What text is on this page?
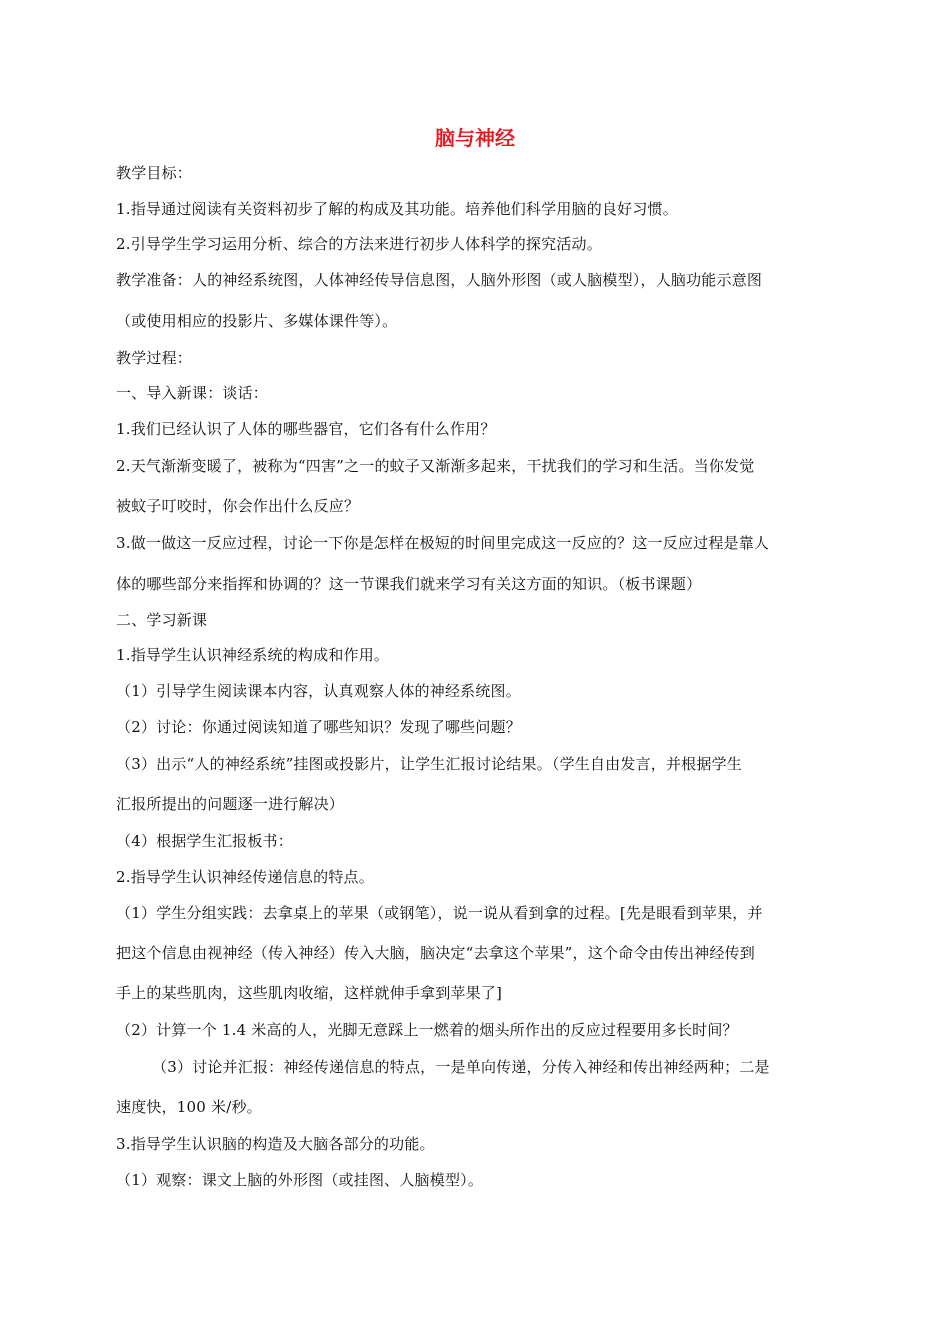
脑与神经
教学目标：
1.指导通过阅读有关资料初步了解的构成及其功能。培养他们科学用脑的良好习惯。
2.引导学生学习运用分析、综合的方法来进行初步人体科学的探究活动。
教学准备：人的神经系统图，人体神经传导信息图，人脑外形图（或人脑模型），人脑功能示意图
（或使用相应的投影片、多媒体课件等）。
教学过程：
一、导入新课：谈话：
1.我们已经认识了人体的哪些器官，它们各有什么作用？
2.天气渐渐变暖了，被称为“四害”之一的蚊子又渐渐多起来，干扰我们的学习和生活。当你发觉
被蚊子叮咬时，你会作出什么反应？
3.做一做这一反应过程，讨论一下你是怎样在极短的时间里完成这一反应的？这一反应过程是靠人
体的哪些部分来指挥和协调的？这一节课我们就来学习有关这方面的知识。（板书课题）
二、学习新课
1.指导学生认识神经系统的构成和作用。
（1）引导学生阅读课本内容，认真观察人体的神经系统图。
（2）讨论：你通过阅读知道了哪些知识？发现了哪些问题？
（3）出示“人的神经系统”挂图或投影片，让学生汇报讨论结果。（学生自由发言，并根据学生
汇报所提出的问题逐一进行解决）
（4）根据学生汇报板书：
2.指导学生认识神经传递信息的特点。
（1）学生分组实践：去拿桌上的苹果（或钢笔），说一说从看到拿的过程。[先是眼看到苹果，并
把这个信息由视神经（传入神经）传入大脑，脑决定“去拿这个苹果”，这个命令由传出神经传到
手上的某些肌肉，这些肌肉收缩，这样就伸手拿到苹果了]
（2）计算一个 1.4 米高的人，光脚无意踩上一燃着的烟头所作出的反应过程要用多长时间？
（3）讨论并汇报：神经传递信息的特点，一是单向传递，分传入神经和传出神经两种；二是
速度快，100 米/秒。
3.指导学生认识脑的构造及大脑各部分的功能。
（1）观察：课文上脑的外形图（或挂图、人脑模型）。
